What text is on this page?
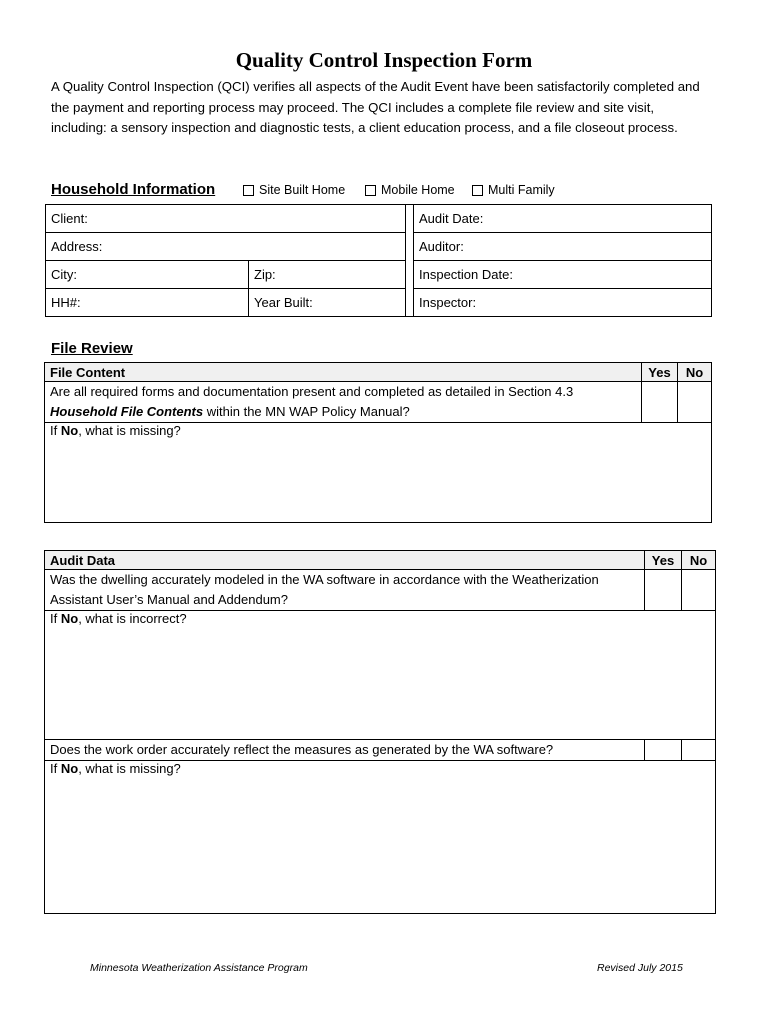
Quality Control Inspection Form
A Quality Control Inspection (QCI) verifies all aspects of the Audit Event have been satisfactorily completed and the payment and reporting process may proceed. The QCI includes a complete file review and site visit, including: a sensory inspection and diagnostic tests, a client education process, and a file closeout process.
Household Information	Site Built Home	Mobile Home	Multi Family
Client:			Audit Date:
Address:			Auditor:
City:	Zip:		Inspection Date:
HH#:	Year Built:		Inspector:
File Review
File Content	Yes	No
Are all required forms and documentation present and completed as detailed in Section 4.3
Household File Contents within the MN WAP Policy Manual?		
If No, what is missing?		
Audit Data	Yes	No
Was the dwelling accurately modeled in the WA software in accordance with the Weatherization Assistant User’s Manual and Addendum?		
If No, what is incorrect?		
Does the work order accurately reflect the measures as generated by the WA software?		
If No, what is missing?		
Minnesota Weatherization Assistance Program	Revised July 2015
